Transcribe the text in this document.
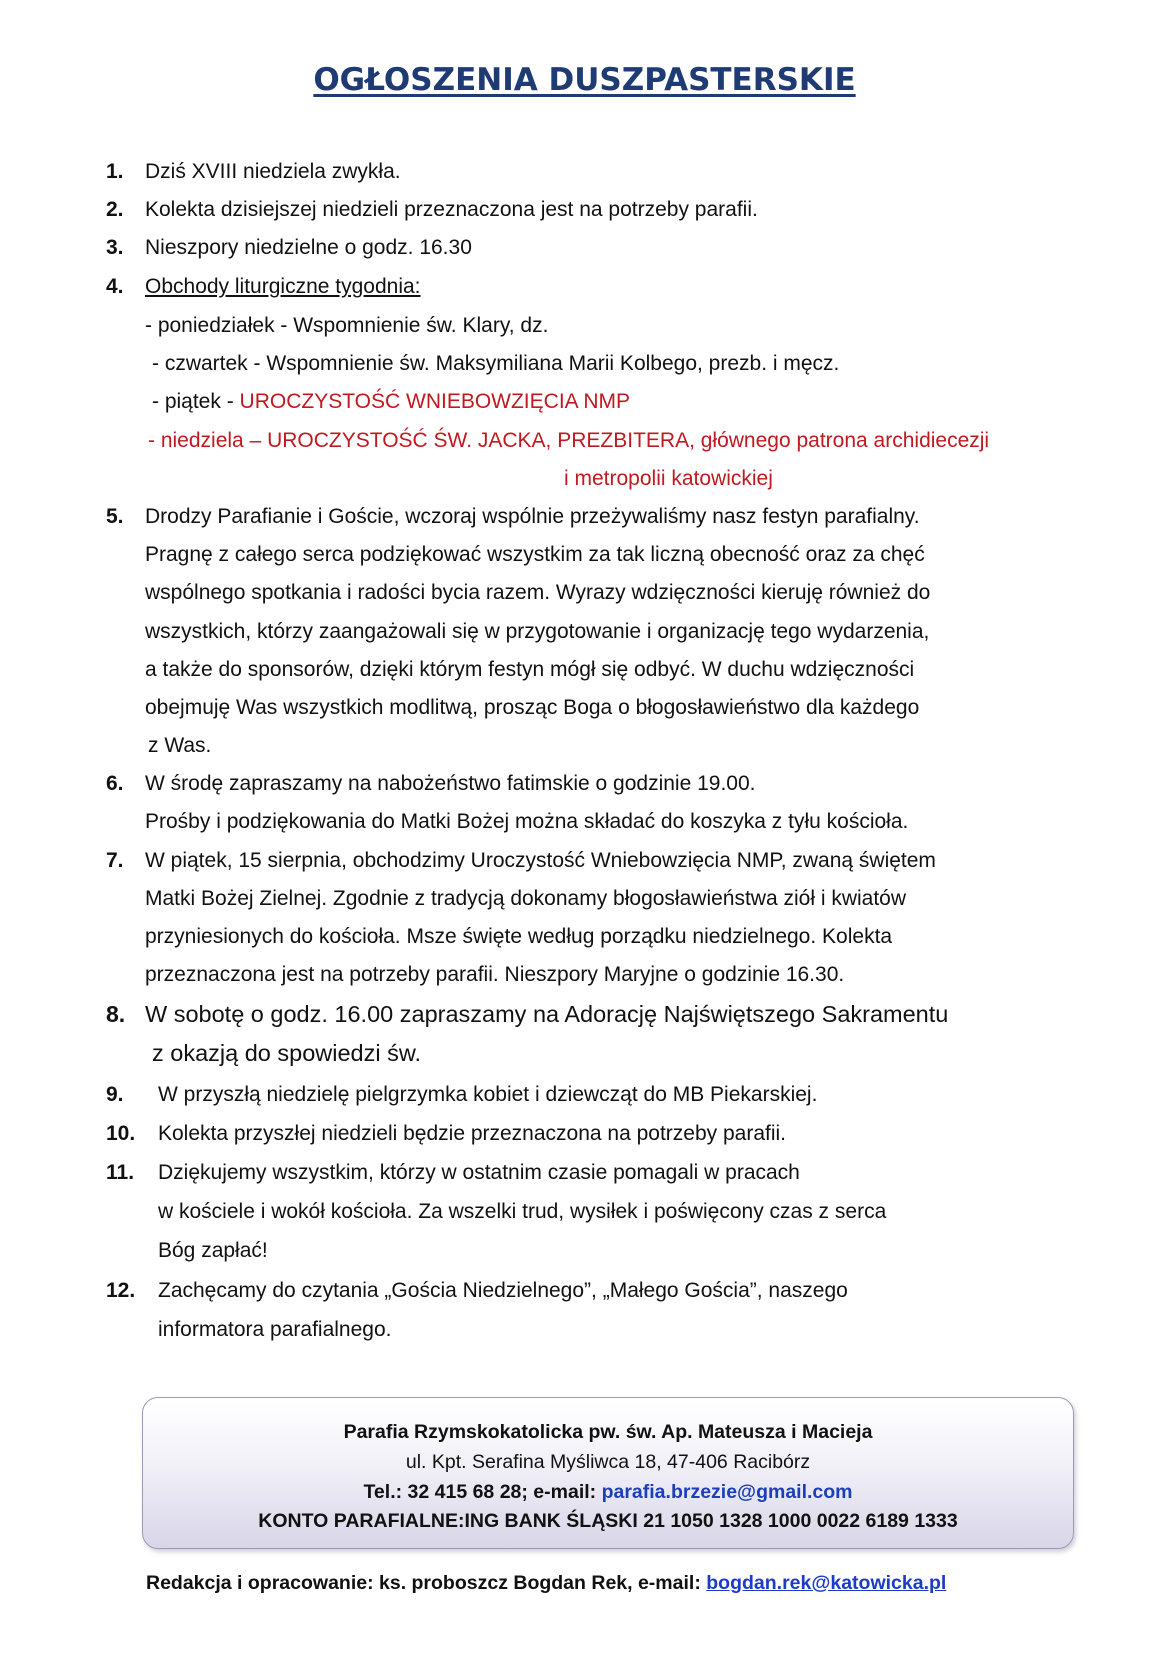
OGŁOSZENIA DUSZPASTERSKIE
1. Dziś XVIII niedziela zwykła.
2. Kolekta dzisiejszej niedzieli przeznaczona jest na potrzeby parafii.
3. Nieszpory niedzielne o godz. 16.30
4. Obchody liturgiczne tygodnia:
- poniedziałek - Wspomnienie św. Klary, dz.
- czwartek - Wspomnienie św. Maksymiliana Marii Kolbego, prezb. i męcz.
- piątek - UROCZYSTOŚĆ WNIEBOWZIĘCIA NMP
- niedziela – UROCZYSTOŚĆ ŚW. JACKA, PREZBITERA, głównego patrona archidiecezji
i metropolii katowickiej
5. Drodzy Parafianie i Goście, wczoraj wspólnie przeżywaliśmy nasz festyn parafialny.
Pragnę z całego serca podziękować wszystkim za tak liczną obecność oraz za chęć
wspólnego spotkania i radości bycia razem. Wyrazy wdzięczności kieruję również do
wszystkich, którzy zaangażowali się w przygotowanie i organizację tego wydarzenia,
a także do sponsorów, dzięki którym festyn mógł się odbyć. W duchu wdzięczności
obejmuję Was wszystkich modlitwą, prosząc Boga o błogosławieństwo dla każdego
z Was.
6. W środę zapraszamy na nabożeństwo fatimskie o godzinie 19.00.
Prośby i podziękowania do Matki Bożej można składać do koszyka z tyłu kościoła.
7. W piątek, 15 sierpnia, obchodzimy Uroczystość Wniebowzięcia NMP, zwaną świętem
Matki Bożej Zielnej. Zgodnie z tradycją dokonamy błogosławieństwa ziół i kwiatów
przyniesionych do kościoła. Msze święte według porządku niedzielnego. Kolekta
przeznaczona jest na potrzeby parafii. Nieszpory Maryjne o godzinie 16.30.
8. W sobotę o godz. 16.00 zapraszamy na Adorację Najświętszego Sakramentu
z okazją do spowiedzi św.
9. W przyszłą niedzielę pielgrzymka kobiet i dziewcząt do MB Piekarskiej.
10. Kolekta przyszłej niedzieli będzie przeznaczona na potrzeby parafii.
11. Dziękujemy wszystkim, którzy w ostatnim czasie pomagali w pracach
w kościele i wokół kościoła. Za wszelki trud, wysiłek i poświęcony czas z serca
Bóg zapłać!
12. Zachęcamy do czytania „Gościa Niedzielnego”, „Małego Gościa”, naszego
informatora parafialnego.
Parafia Rzymskokatolicka pw. św. Ap. Mateusza i Macieja
ul. Kpt. Serafina Myśliwca 18, 47-406 Racibórz
Tel.: 32 415 68 28; e-mail: parafia.brzezie@gmail.com
KONTO PARAFIALNE:ING BANK ŚLĄSKI 21 1050 1328 1000 0022 6189 1333
Redakcja i opracowanie: ks. proboszcz Bogdan Rek, e-mail: bogdan.rek@katowicka.pl
